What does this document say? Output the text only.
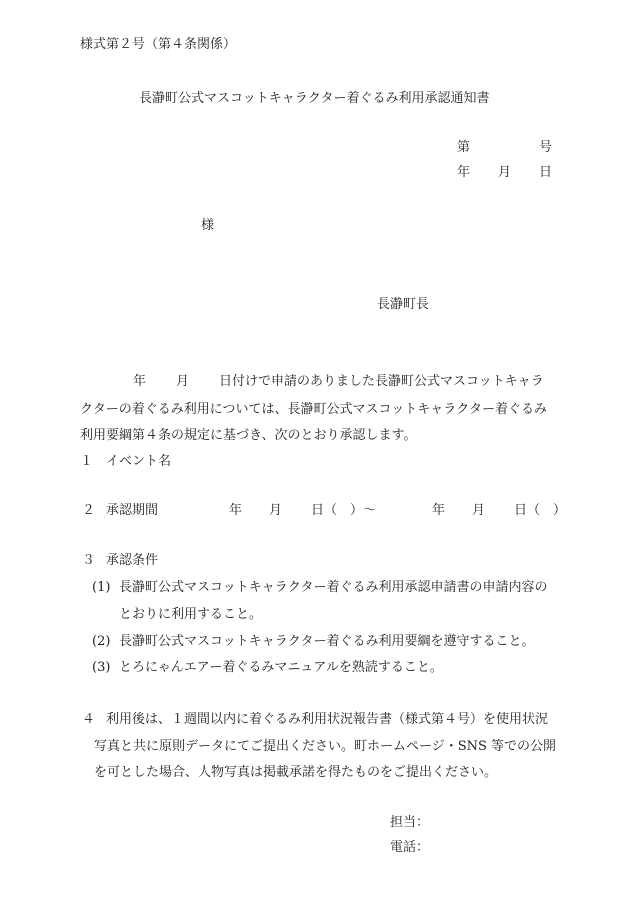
様式第２号（第４条関係）
長瀞町公式マスコットキャラクター着ぐるみ利用承認通知書
第	号
年 月 日
様
長瀞町長
年 月 日付けで申請のありました長瀞町公式マスコットキャラ
クターの着ぐるみ利用については、長瀞町公式マスコットキャラクター着ぐるみ
利用要綱第４条の規定に基づき、次のとおり承認します。
１ イベント名
２ 承認期間	年 月 日（　） ～	年 月 日（　）
３ 承認条件
(1) 長瀞町公式マスコットキャラクター着ぐるみ利用承認申請書の申請内容の
とおりに利用すること。
(2) 長瀞町公式マスコットキャラクター着ぐるみ利用要綱を遵守すること。
(3) とろにゃんエアー着ぐるみマニュアルを熟読すること。
４ 利用後は、１週間以内に着ぐるみ利用状況報告書（様式第４号）を使用状況
写真と共に原則データにてご提出ください。町ホームページ・SNS 等での公開
を可とした場合、人物写真は掲載承諾を得たものをご提出ください。
担当：
電話：
